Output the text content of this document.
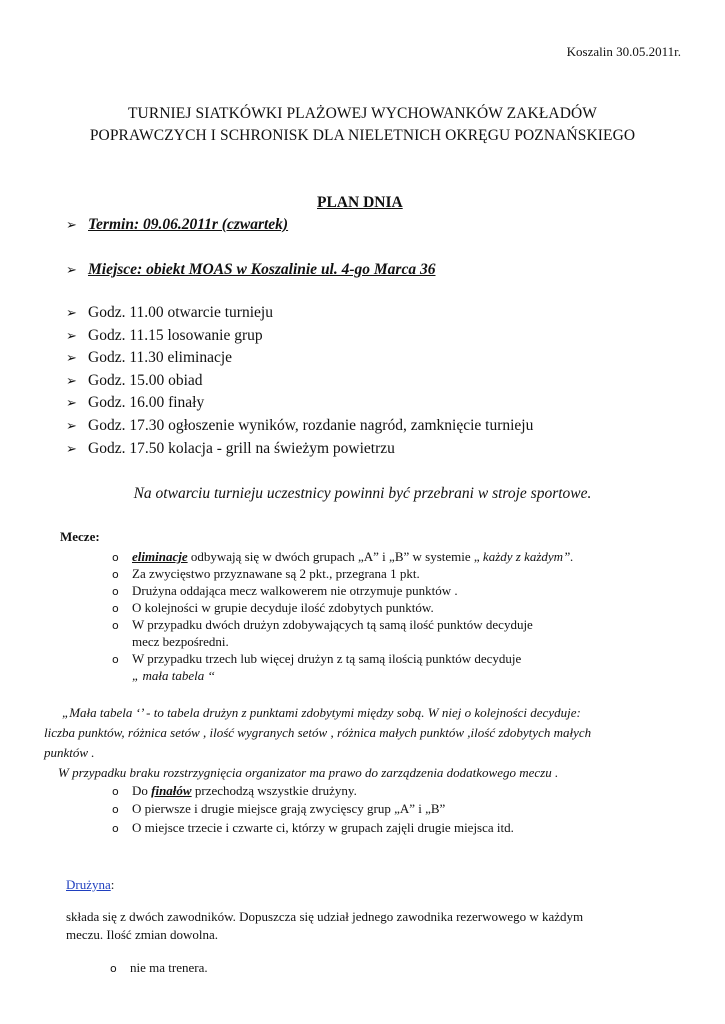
Koszalin 30.05.2011r.
TURNIEJ SIATKÓWKI PLAŻOWEJ WYCHOWANKÓW ZAKŁADÓW
POPRAWCZYCH I SCHRONISK DLA NIELETNICH OKRĘGU POZNAŃSKIEGO
PLAN DNIA
➢ Termin: 09.06.2011r (czwartek)
➢ Miejsce: obiekt MOAS w Koszalinie ul. 4-go Marca 36
➢ Godz. 11.00 otwarcie turnieju
➢ Godz. 11.15 losowanie grup
➢ Godz. 11.30 eliminacje
➢ Godz. 15.00 obiad
➢ Godz. 16.00 finały
➢ Godz. 17.30 ogłoszenie wyników, rozdanie nagród, zamknięcie turnieju
➢ Godz. 17.50 kolacja - grill na świeżym powietrzu
Na otwarciu turnieju uczestnicy powinni być przebrani w stroje sportowe.
Mecze:
o eliminacje odbywają się w dwóch grupach „A” i „B” w systemie „ każdy z każdym”.
o Za zwycięstwo przyznawane są 2 pkt., przegrana 1 pkt.
o Drużyna oddająca mecz walkowerem nie otrzymuje punktów .
o O kolejności w grupie decyduje ilość zdobytych punktów.
o W przypadku dwóch drużyn zdobywających tą samą ilość punktów decyduje mecz bezpośredni.
o W przypadku trzech lub więcej drużyn z tą samą ilością punktów decyduje
„ mała tabela ‘‘
„Mała tabela ‘’ - to tabela drużyn z punktami zdobytymi między sobą. W niej o kolejności decyduje:
liczba punktów, różnica setów , ilość wygranych setów , różnica małych punktów ,ilość zdobytych małych
punktów .
W przypadku braku rozstrzygnięcia organizator ma prawo do zarządzenia dodatkowego meczu .
o Do finałów przechodzą wszystkie drużyny.
o O pierwsze i drugie miejsce grają zwycięscy grup „A” i „B”
o O miejsce trzecie i czwarte ci, którzy w grupach zajęli drugie miejsca itd.
Drużyna:
składa się z dwóch zawodników. Dopuszcza się udział jednego zawodnika rezerwowego w każdym
meczu. Ilość zmian dowolna.
o nie ma trenera.
